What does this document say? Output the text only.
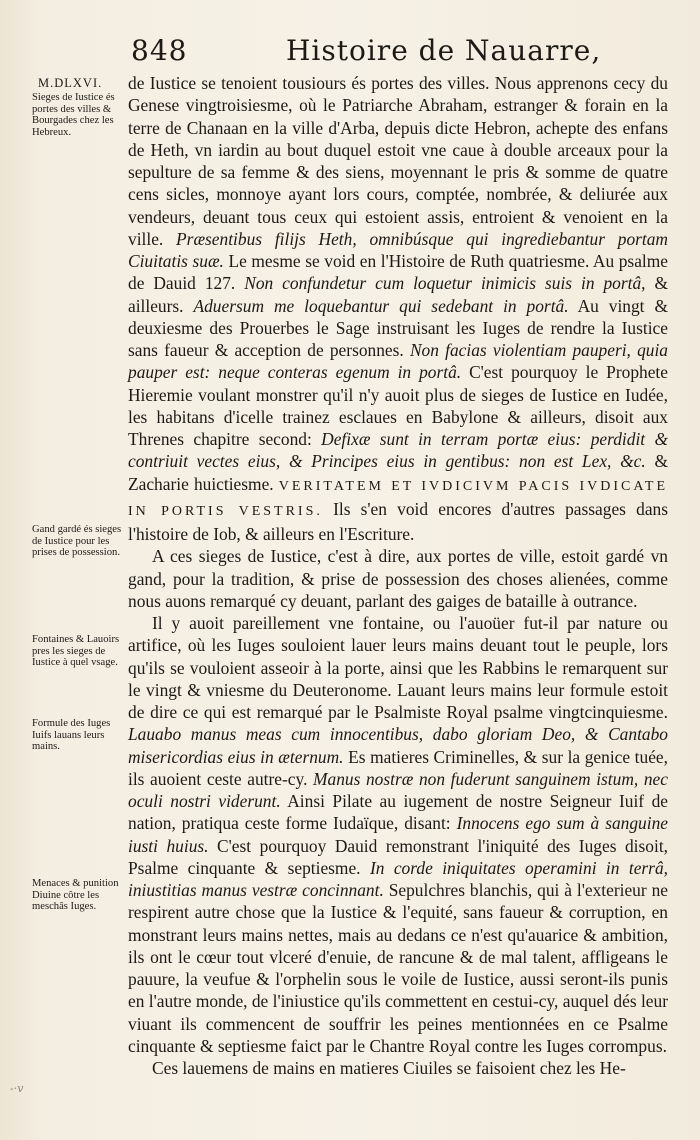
848	Histoire de Nauarre,
M.DLXVI.
Sieges de Iustice és portes des villes & Bourgades chez les Hebreux.
Gand gardé és sieges de Iustice pour les prises de possession.
Fontaines & Lauoirs pres les sieges de Iustice à quel vsage.
Formule des Iuges Iuifs lauans leurs mains.
Menaces & punition Diuine côtre les meschâs Iuges.
-·v

de Iustice se tenoient tousiours és portes des villes. Nous apprenons cecy du Genese vingtroisiesme, où le Patriarche Abraham, estranger & forain en la terre de Chanaan en la ville d'Arba, depuis dicte Hebron, achepte des enfans de Heth, vn iardin au bout duquel estoit vne caue à double arceaux pour la sepulture de sa femme & des siens, moyennant le pris & somme de quatre cens sicles, monnoye ayant lors cours, comptée, nombrée, & deliurée aux vendeurs, deuant tous ceux qui estoient assis, entroient & venoient en la ville. Præsentibus filijs Heth, omnibúsque qui ingrediebantur portam Ciuitatis suæ. Le mesme se void en l'Histoire de Ruth quatriesme. Au psalme de Dauid 127. Non confundetur cum loquetur inimicis suis in portâ, & ailleurs. Aduersum me loquebantur qui sedebant in portâ. Au vingt & deuxiesme des Prouerbes le Sage instruisant les Iuges de rendre la Iustice sans faueur & acception de personnes. Non facias violentiam pauperi, quia pauper est: neque conteras egenum in portâ. C'est pourquoy le Prophete Hieremie voulant monstrer qu'il n'y auoit plus de sieges de Iustice en Iudée, les habitans d'icelle trainez esclaues en Babylone & ailleurs, disoit aux Threnes chapitre second: Defixæ sunt in terram portæ eius: perdidit & contriuit vectes eius, & Principes eius in gentibus: non est Lex, &c. & Zacharie huictiesme. VERITATEM ET IVDICIVM PACIS IVDICATE IN PORTIS VESTRIS. Ils s'en void encores d'autres passages dans l'histoire de Iob, & ailleurs en l'Escriture.

A ces sieges de Iustice, c'est à dire, aux portes de ville, estoit gardé vn gand, pour la tradition, & prise de possession des choses alienées, comme nous auons remarqué cy deuant, parlant des gaiges de bataille à outrance.

Il y auoit pareillement vne fontaine, ou l'auoüer fut-il par nature ou artifice, où les Iuges souloient lauer leurs mains deuant tout le peuple, lors qu'ils se vouloient asseoir à la porte, ainsi que les Rabbins le remarquent sur le vingt & vniesme du Deuteronome. Lauant leurs mains leur formule estoit de dire ce qui est remarqué par le Psalmiste Royal psalme vingtcinquiesme. Lauabo manus meas cum innocentibus, dabo gloriam Deo, & Cantabo misericordias eius in æternum. Es matieres Criminelles, & sur la genice tuée, ils auoient ceste autre-cy. Manus nostræ non fuderunt sanguinem istum, nec oculi nostri viderunt. Ainsi Pilate au iugement de nostre Seigneur Iuif de nation, pratiqua ceste forme Iudaïque, disant: Innocens ego sum à sanguine iusti huius. C'est pourquoy Dauid remonstrant l'iniquité des Iuges disoit, Psalme cinquante & septiesme. In corde iniquitates operamini in terrâ, iniustitias manus vestræ concinnant. Sepulchres blanchis, qui à l'exterieur ne respirent autre chose que la Iustice & l'equité, sans faueur & corruption, en monstrant leurs mains nettes, mais au dedans ce n'est qu'auarice & ambition, ils ont le cœur tout vlceré d'enuie, de rancune & de mal talent, affligeans le pauure, la veufue & l'orphelin sous le voile de Iustice, aussi seront-ils punis en l'autre monde, de l'iniustice qu'ils commettent en cestui-cy, auquel dés leur viuant ils commencent de souffrir les peines mentionnées en ce Psalme cinquante & septiesme faict par le Chantre Royal contre les Iuges corrompus.

Ces lauemens de mains en matieres Ciuiles se faisoient chez les He-
